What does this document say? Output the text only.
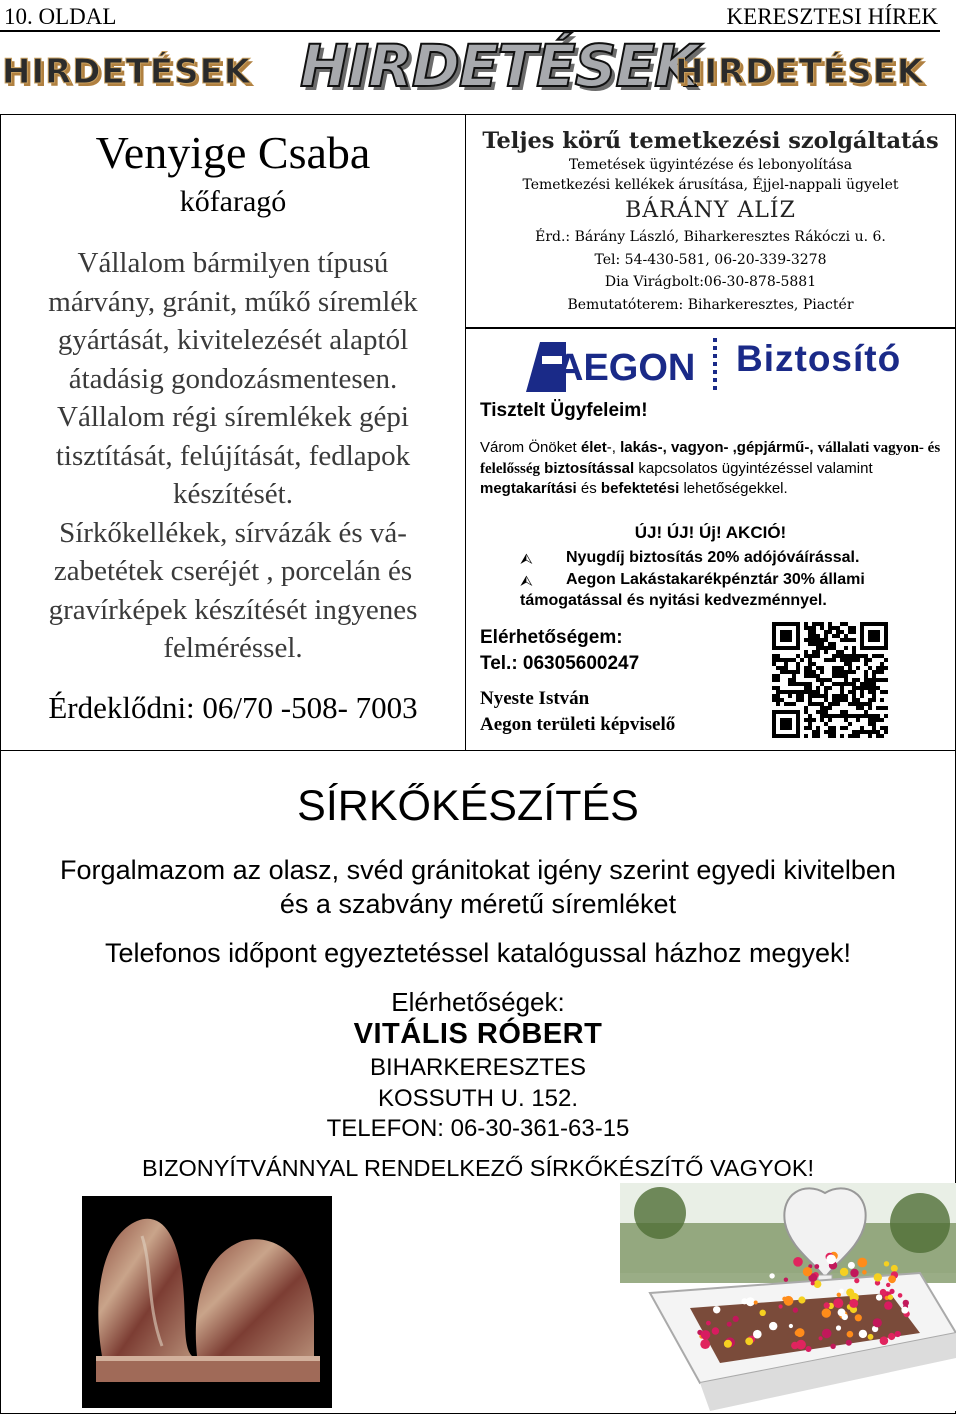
10. OLDAL	KERESZTESI HÍREK
HIRDETÉSEK HIRDETÉSEK
HIRDETÉSEK
Venyige Csaba
kőfaragó
Vállalom bármilyen típusú
márvány, gránit, műkő síremlék
gyártását, kivitelezését alaptól
átadásig gondozásmentesen.
Vállalom régi síremlékek gépi
tisztítását, felújítását, fedlapok
készítését.
Sírkőkellékek, sírvázák és vá-
zabetétek cseréjét , porcelán és
gravírképek készítését ingyenes
felméréssel.
Érdeklődni: 06/70 -508- 7003
Teljes körű temetkezési szolgáltatás
Temetések ügyintézése és lebonyolítása
Temetkezési kellékek árusítása, Éjjel-nappali ügyelet
BÁRÁNY ALÍZ
Érd.: Bárány László, Biharkeresztes Rákóczi u. 6.
Tel: 54-430-581, 06-20-339-3278
Dia Virágbolt:06-30-878-5881
Bemutatóterem: Biharkeresztes, Piactér
AEGON Biztosító
Tisztelt Ügyfeleim!
Várom Önöket élet-, lakás-, vagyon- ,gépjármű-, vállalati vagyon- és felelősség biztosítással kapcsolatos ügyintézéssel valamint megtakarítási és befektetési lehetőségekkel.
ÚJ! ÚJ! Új! AKCIÓ!
⮙ Nyugdíj biztosítás 20% adójóváírással.
⮙ Aegon Lakástakarékpénztár 30% állami
támogatással és nyitási kedvezménnyel.
Elérhetőségem:
Tel.: 06305600247
Nyeste István
Aegon területi képviselő
SÍRKŐKÉSZÍTÉS
Forgalmazom az olasz, svéd gránitokat igény szerint egyedi kivitelben
és a szabvány méretű síremléket
Telefonos időpont egyeztetéssel katalógussal házhoz megyek!
Elérhetőségek:
VITÁLIS RÓBERT
BIHARKERESZTES
KOSSUTH U. 152.
TELEFON: 06-30-361-63-15
BIZONYÍTVÁNNYAL RENDELKEZŐ SÍRKŐKÉSZÍTŐ VAGYOK!
